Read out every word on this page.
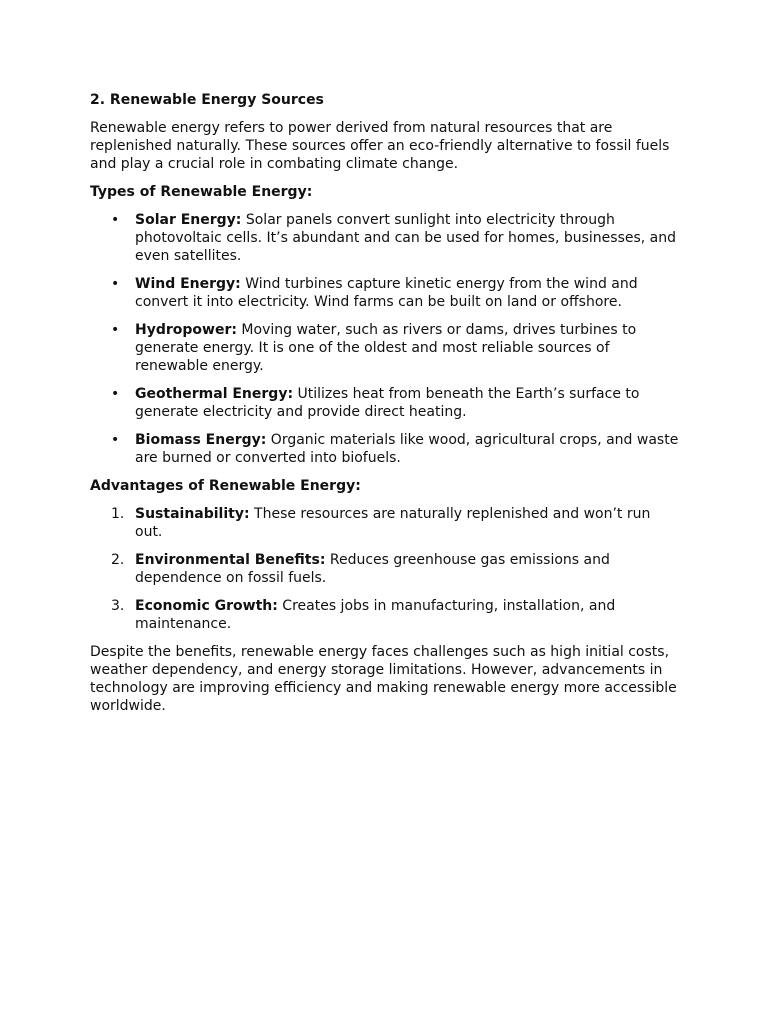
2. Renewable Energy Sources

Renewable energy refers to power derived from natural resources that are replenished naturally. These sources offer an eco-friendly alternative to fossil fuels and play a crucial role in combating climate change.

Types of Renewable Energy:
• Solar Energy: Solar panels convert sunlight into electricity through photovoltaic cells. It’s abundant and can be used for homes, businesses, and even satellites.
• Wind Energy: Wind turbines capture kinetic energy from the wind and convert it into electricity. Wind farms can be built on land or offshore.
• Hydropower: Moving water, such as rivers or dams, drives turbines to generate energy. It is one of the oldest and most reliable sources of renewable energy.
• Geothermal Energy: Utilizes heat from beneath the Earth’s surface to generate electricity and provide direct heating.
• Biomass Energy: Organic materials like wood, agricultural crops, and waste are burned or converted into biofuels.
Advantages of Renewable Energy:
1. Sustainability: These resources are naturally replenished and won’t run out.
2. Environmental Benefits: Reduces greenhouse gas emissions and dependence on fossil fuels.
3. Economic Growth: Creates jobs in manufacturing, installation, and maintenance.

Despite the benefits, renewable energy faces challenges such as high initial costs, weather dependency, and energy storage limitations. However, advancements in technology are improving efficiency and making renewable energy more accessible worldwide.
